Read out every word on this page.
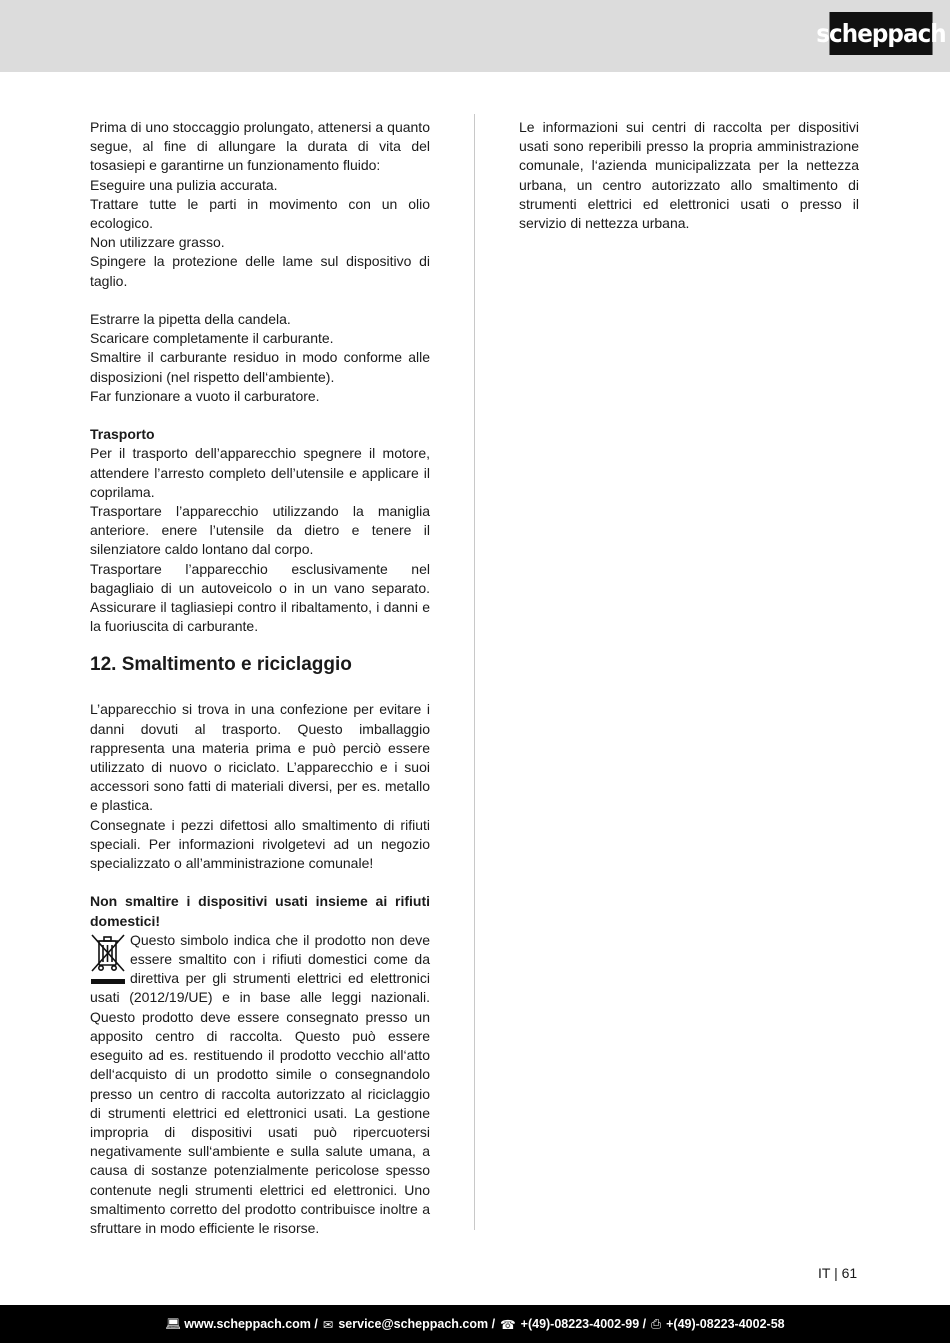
scheppach
Prima di uno stoccaggio prolungato, attenersi a quanto segue, al fine di allungare la durata di vita del tosasiepi e garantirne un funzionamento fluido:
Eseguire una pulizia accurata.
Trattare tutte le parti in movimento con un olio ecologico.
Non utilizzare grasso.
Spingere la protezione delle lame sul dispositivo di taglio.
Estrarre la pipetta della candela.
Scaricare completamente il carburante.
Smaltire il carburante residuo in modo conforme alle disposizioni (nel rispetto dell‘ambiente).
Far funzionare a vuoto il carburatore.

Trasporto

Per il trasporto dell’apparecchio spegnere il motore, attendere l’arresto completo dell’utensile e applicare il coprilama.
Trasportare l’apparecchio utilizzando la maniglia anteriore. enere l’utensile da dietro e tenere il silenziatore caldo lontano dal corpo.
Trasportare l’apparecchio esclusivamente nel bagagliaio di un autoveicolo o in un vano separato. Assicurare il tagliasiepi contro il ribaltamento, i danni e la fuoriuscita di carburante.
12. Smaltimento e riciclaggio
L’apparecchio si trova in una confezione per evitare i danni dovuti al trasporto. Questo imballaggio rappresenta una materia prima e può perciò essere utilizzato di nuovo o riciclato. L’apparecchio e i suoi accessori sono fatti di materiali diversi, per es. metallo e plastica.
Consegnate i pezzi difettosi allo smaltimento di rifiuti speciali. Per informazioni rivolgetevi ad un negozio specializzato o all’amministrazione comunale!

Non smaltire i dispositivi usati insieme ai rifiuti domestici!

Questo simbolo indica che il prodotto non deve essere smaltito con i rifiuti domestici come da direttiva per gli strumenti elettrici ed elettronici usati (2012/19/UE) e in base alle leggi nazionali. Questo prodotto deve essere consegnato presso un apposito centro di raccolta. Questo può essere eseguito ad es. restituendo il prodotto vecchio all‘atto dell‘acquisto di un prodotto simile o consegnandolo presso un centro di raccolta autorizzato al riciclaggio di strumenti elettrici ed elettronici usati. La gestione impropria di dispositivi usati può ripercuotersi negativamente sull‘ambiente e sulla salute umana, a causa di sostanze potenzialmente pericolose spesso contenute negli strumenti elettrici ed elettronici. Uno smaltimento corretto del prodotto contribuisce inoltre a sfruttare in modo efficiente le risorse.

Le informazioni sui centri di raccolta per dispositivi usati sono reperibili presso la propria amministrazione comunale, l‘azienda municipalizzata per la nettezza urbana, un centro autorizzato allo smaltimento di strumenti elettrici ed elettronici usati o presso il servizio di nettezza urbana.

IT | 61
💻︎ www.scheppach.com / ✉ service@scheppach.com / ☎ +(49)-08223-4002-99 / ⎙ +(49)-08223-4002-58
